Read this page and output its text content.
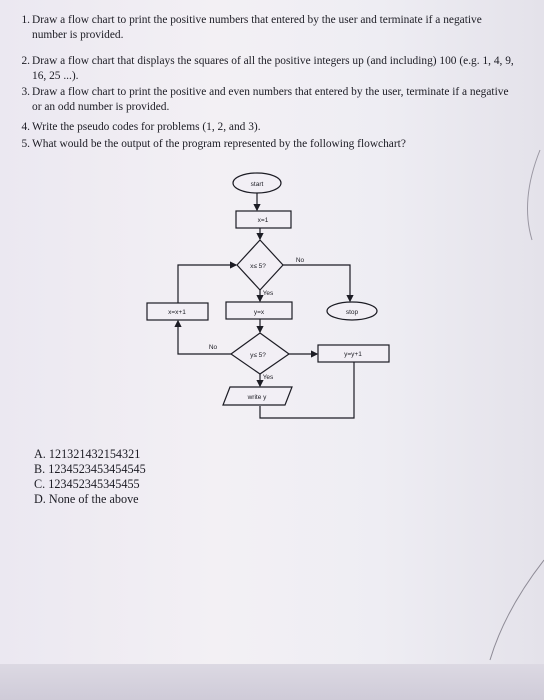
1. Draw a flow chart to print the positive numbers that entered by the user and terminate if a negative number is provided.
2. Draw a flow chart that displays the squares of all the positive integers up (and including) 100 (e.g. 1, 4, 9, 16, 25 ...).
3. Draw a flow chart to print the positive and even numbers that entered by the user, terminate if a negative or an odd number is provided.
4. Write the pseudo codes for problems (1, 2, and 3).
5. What would be the output of the program represented by the following flowchart?
start
x=1
x≤ 5?
No
Yes
y=x
y≤ 5?
No
Yes
write y
x=x+1	stop
y=y+1
A. 121321432154321
B. 1234523453454545
C. 123452345345455
D. None of the above
